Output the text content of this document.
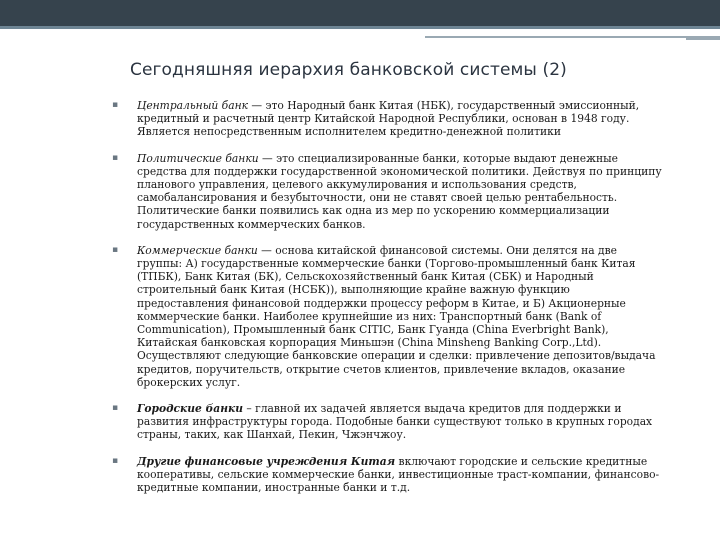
Сегодняшняя иерархия банковской системы (2)
▪ Центральный банк — это Народный банк Китая (НБК), государственный эмиссионный, кредитный и расчетный центр Китайской Народной Республики, основан в 1948 году. Является непосредственным исполнителем кредитно-денежной политики
▪ Политические банки — это специализированные банки, которые выдают денежные средства для поддержки государственной экономической политики. Действуя по принципу планового управления, целевого аккумулирования и использования средств, самобалансирования и безубыточности, они не ставят своей целью рентабельность. Политические банки появились как одна из мер по ускорению коммерциализации государственных коммерческих банков.
▪ Коммерческие банки — основа китайской финансовой системы. Они делятся на две группы: А) государственные коммерческие банки (Торгово-промышленный банк Китая (ТПБК), Банк Китая (БК), Сельскохозяйственный банк Китая (СБК) и Народный строительный банк Китая (НСБК)), выполняющие крайне важную функцию предоставления финансовой поддержки процессу реформ в Китае, и Б) Акционерные коммерческие банки. Наиболее крупнейшие из них: Транспортный банк (Bank of Communication), Промышленный банк CITIC, Банк Гуанда (China Everbright Bank), Китайская банковская корпорация Миньшэн (China Minsheng Banking Corp.,Ltd). Осуществляют следующие банковские операции и сделки: привлечение депозитов/выдача кредитов, поручительств, открытие счетов клиентов, привлечение вкладов, оказание брокерских услуг.
▪ Городские банки – главной их задачей является выдача кредитов для поддержки и развития инфраструктуры города. Подобные банки существуют только в крупных городах страны, таких, как Шанхай, Пекин, Чжэнчжоу.
▪ Другие финансовые учреждения Китая включают городские и сельские кредитные кооперативы, сельские коммерческие банки, инвестиционные траст-компании, финансово-кредитные компании, иностранные банки и т.д.
